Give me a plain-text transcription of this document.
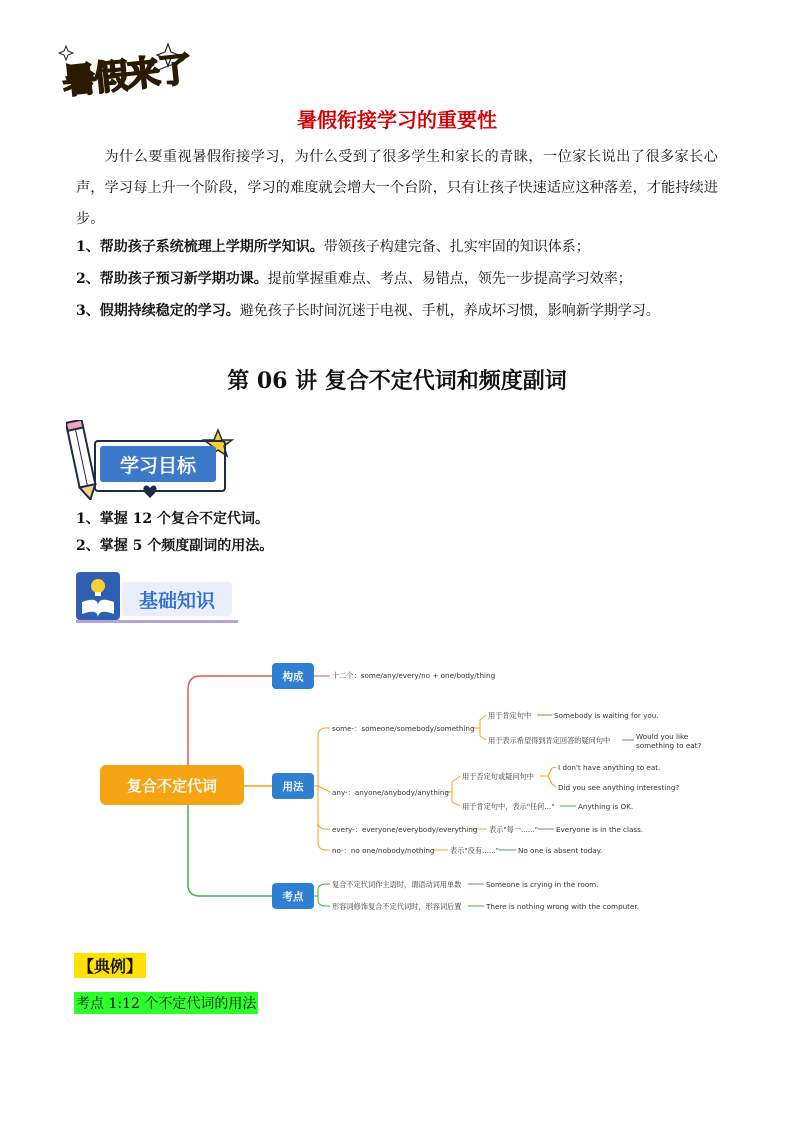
暑假来了
暑假衔接学习的重要性
为什么要重视暑假衔接学习，为什么受到了很多学生和家长的青睐，一位家长说出了很多家长心声，学习每上升一个阶段，学习的难度就会增大一个台阶，只有让孩子快速适应这种落差，才能持续进步。
1、帮助孩子系统梳理上学期所学知识。带领孩子构建完备、扎实牢固的知识体系；
2、帮助孩子预习新学期功课。提前掌握重难点、考点、易错点，领先一步提高学习效率；
3、假期持续稳定的学习。避免孩子长时间沉迷于电视、手机，养成坏习惯，影响新学期学习。
第 06 讲 复合不定代词和频度副词
学习目标
1、掌握 12 个复合不定代词。
2、掌握 5 个频度副词的用法。
基础知识
复合不定代词
构成
用法
考点
十二个：some/any/every/no + one/body/thing
some-：someone/somebody/something
用于肯定句中	Somebody is waiting for you.
用于表示希望得到肯定回答的疑问句中	Would you like
something to eat?
any-：anyone/anybody/anything
用于否定句或疑问句中
I don't have anything to eat.
Did you see anything interesting?
用于肯定句中，表示"任何..."	Anything is OK.
every-：everyone/everybody/everything 表示"每一......" Everyone is in the class.
no-：no one/nobody/nothing 表示"没有......"	No one is absent today.
复合不定代词作主语时，谓语动词用单数	Someone is crying in the room.
形容词修饰复合不定代词时，形容词后置	There is nothing wrong with the computer.
【典例】
考点 1:12 个不定代词的用法
